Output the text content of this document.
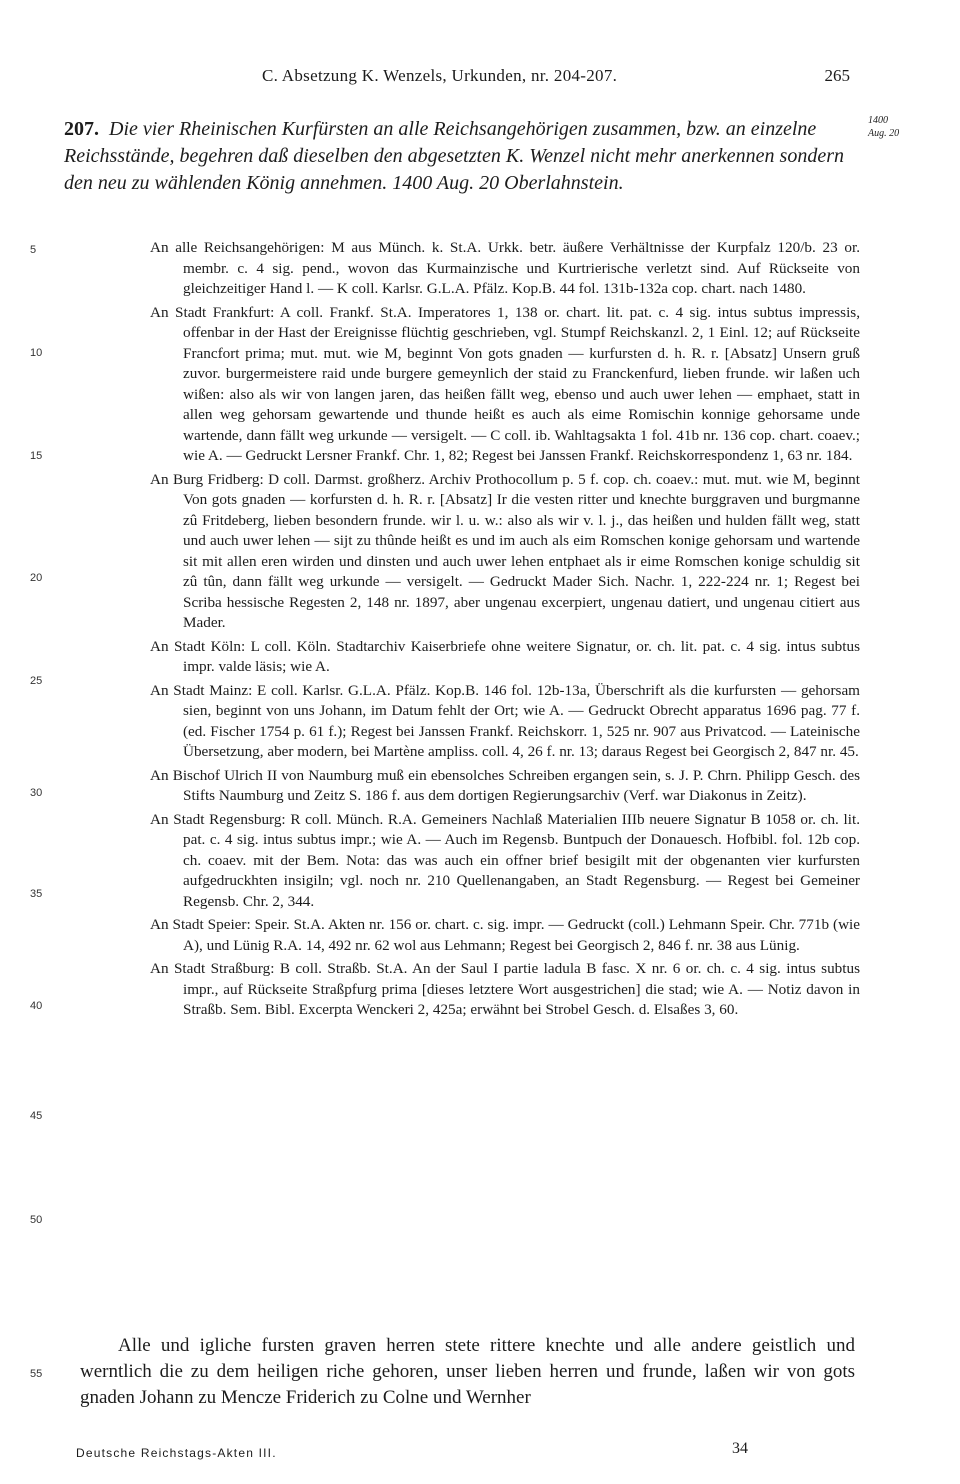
C. Absetzung K. Wenzels, Urkunden, nr. 204-207.	265
207. Die vier Rheinischen Kurfürsten an alle Reichsangehörigen zusammen, bzw. an einzelne Reichsstände, begehren daß dieselben den abgesetzten K. Wenzel nicht mehr anerkennen sondern den neu zu wählenden König annehmen. 1400 Aug. 20 Oberlahnstein.
1400
Aug. 20
5
10
15
20
25
30
35
40
45
50
55

An alle Reichsangehörigen: M aus Münch. k. St.A. Urkk. betr. äußere Verhältnisse der Kurpfalz 120/b. 23 or. membr. c. 4 sig. pend., wovon das Kurmainzische und Kurtrierische verletzt sind. Auf Rückseite von gleichzeitiger Hand l. — K coll. Karlsr. G.L.A. Pfälz. Kop.B. 44 fol. 131b-132a cop. chart. nach 1480.

An Stadt Frankfurt: A coll. Frankf. St.A. Imperatores 1, 138 or. chart. lit. pat. c. 4 sig. intus subtus impressis, offenbar in der Hast der Ereignisse flüchtig geschrieben, vgl. Stumpf Reichskanzl. 2, 1 Einl. 12; auf Rückseite Francfort prima; mut. mut. wie M, beginnt Von gots gnaden — kurfursten d. h. R. r. [Absatz] Unsern gruß zuvor. burgermeistere raid unde burgere gemeynlich der staid zu Franckenfurd, lieben frunde. wir laßen uch wißen: also als wir von langen jaren, das heißen fällt weg, ebenso und auch uwer lehen — emphaet, statt in allen weg gehorsam gewartende und thunde heißt es auch als eime Romischin konnige gehorsame unde wartende, dann fällt weg urkunde — versigelt. — C coll. ib. Wahltagsakta 1 fol. 41b nr. 136 cop. chart. coaev.; wie A. — Gedruckt Lersner Frankf. Chr. 1, 82; Regest bei Janssen Frankf. Reichskorrespondenz 1, 63 nr. 184.

An Burg Fridberg: D coll. Darmst. großherz. Archiv Prothocollum p. 5 f. cop. ch. coaev.: mut. mut. wie M, beginnt Von gots gnaden — korfursten d. h. R. r. [Absatz] Ir die vesten ritter und knechte burggraven und burgmanne zû Fritdeberg, lieben besondern frunde. wir l. u. w.: also als wir v. l. j., das heißen und hulden fällt weg, statt und auch uwer lehen — sijt zu thûnde heißt es und im auch als eim Romschen konige gehorsam und wartende sit mit allen eren wirden und dinsten und auch uwer lehen entphaet als ir eime Romschen konige schuldig sit zû tûn, dann fällt weg urkunde — versigelt. — Gedruckt Mader Sich. Nachr. 1, 222-224 nr. 1; Regest bei Scriba hessische Regesten 2, 148 nr. 1897, aber ungenau excerpiert, ungenau datiert, und ungenau citiert aus Mader.

An Stadt Köln: L coll. Köln. Stadtarchiv Kaiserbriefe ohne weitere Signatur, or. ch. lit. pat. c. 4 sig. intus subtus impr. valde läsis; wie A.

An Stadt Mainz: E coll. Karlsr. G.L.A. Pfälz. Kop.B. 146 fol. 12b-13a, Überschrift als die kurfursten — gehorsam sien, beginnt von uns Johann, im Datum fehlt der Ort; wie A. — Gedruckt Obrecht apparatus 1696 pag. 77 f. (ed. Fischer 1754 p. 61 f.); Regest bei Janssen Frankf. Reichskorr. 1, 525 nr. 907 aus Privatcod. — Lateinische Übersetzung, aber modern, bei Martène ampliss. coll. 4, 26 f. nr. 13; daraus Regest bei Georgisch 2, 847 nr. 45.

An Bischof Ulrich II von Naumburg muß ein ebensolches Schreiben ergangen sein, s. J. P. Chrn. Philipp Gesch. des Stifts Naumburg und Zeitz S. 186 f. aus dem dortigen Regierungsarchiv (Verf. war Diakonus in Zeitz).

An Stadt Regensburg: R coll. Münch. R.A. Gemeiners Nachlaß Materialien IIIb neuere Signatur B 1058 or. ch. lit. pat. c. 4 sig. intus subtus impr.; wie A. — Auch im Regensb. Buntpuch der Donauesch. Hofbibl. fol. 12b cop. ch. coaev. mit der Bem. Nota: das was auch ein offner brief besigilt mit der obgenanten vier kurfursten aufgedruckhten insigiln; vgl. noch nr. 210 Quellenangaben, an Stadt Regensburg. — Regest bei Gemeiner Regensb. Chr. 2, 344.

An Stadt Speier: Speir. St.A. Akten nr. 156 or. chart. c. sig. impr. — Gedruckt (coll.) Lehmann Speir. Chr. 771b (wie A), und Lünig R.A. 14, 492 nr. 62 wol aus Lehmann; Regest bei Georgisch 2, 846 f. nr. 38 aus Lünig.

An Stadt Straßburg: B coll. Straßb. St.A. An der Saul I partie ladula B fasc. X nr. 6 or. ch. c. 4 sig. intus subtus impr., auf Rückseite Straßpfurg prima [dieses letztere Wort ausgestrichen] die stad; wie A. — Notiz davon in Straßb. Sem. Bibl. Excerpta Wenckeri 2, 425a; erwähnt bei Strobel Gesch. d. Elsaßes 3, 60.

Alle und igliche fursten graven herren stete rittere knechte und alle andere geistlich und werntlich die zu dem heiligen riche gehoren, unser lieben herren und frunde, laßen wir von gots gnaden Johann zu Mencze Friderich zu Colne und Wernher

Deutsche Reichstags-Akten III.	34
